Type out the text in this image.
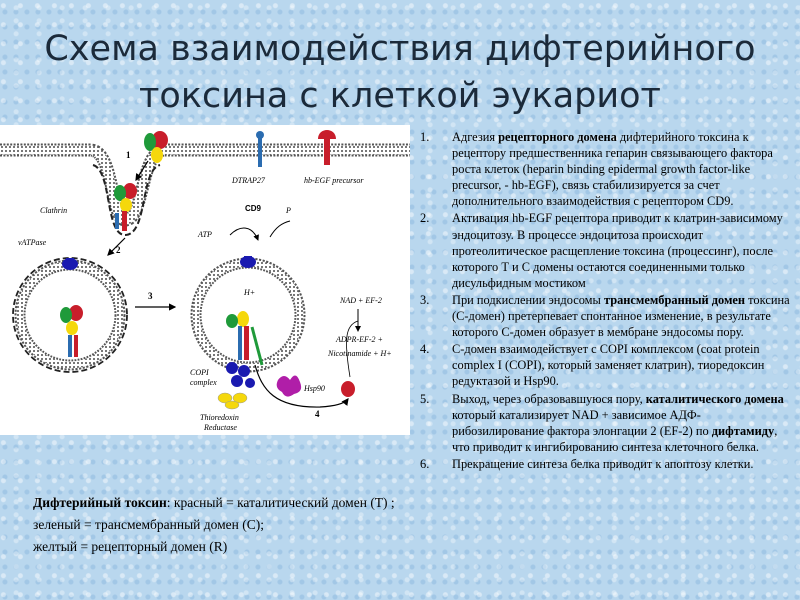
Схема взаимодействия дифтерийного токсина с клеткой эукариот
DTRAP27	hb-EGF precursor
Clathrin
1
2
vATPase
3
ATP
CD9	P
H+
COPI
complex
Thioredoxin
Reductase
Hsp90
4
NAD + EF-2
ADPR-EF-2 +
Nicotinamide + H+
Дифтерийный токсин: красный = каталитический домен (Т) ; зеленый = трансмембранный домен (С);
желтый = рецепторный домен (R)
1. Адгезия рецепторного домена дифтерийного токсина к рецептору предшественника гепарин связывающего фактора роста клеток (heparin binding epidermal growth factor-like precursor, - hb-EGF), связь стабилизируется за счет дополнительного взаимодействия с рецептором CD9.
2. Активация hb-EGF рецептора приводит к клатрин-зависимому эндоцитозу. В процессе эндоцитоза происходит протеолитическое расщепление токсина (процессинг), после которого Т и С домены остаются соединенными только дисульфидным мостиком
3. При подкислении эндосомы трансмембранный домен токсина (С-домен) претерпевает спонтанное изменение, в результате которого С-домен образует в мембране эндосомы пору.
4. С-домен взаимодействует с COPI комплексом (coat protein complex I (COPI), который заменяет клатрин), тиоредоксин редуктазой и Hsp90.
5. Выход, через образовавшуюся пору, каталитического домена который катализирует NAD + зависимое АДФ-рибозилирование фактора элонгации 2 (EF-2) по дифтамиду, что приводит к ингибированию синтеза клеточного белка.
6. Прекращение синтеза белка приводит к апоптозу клетки.
